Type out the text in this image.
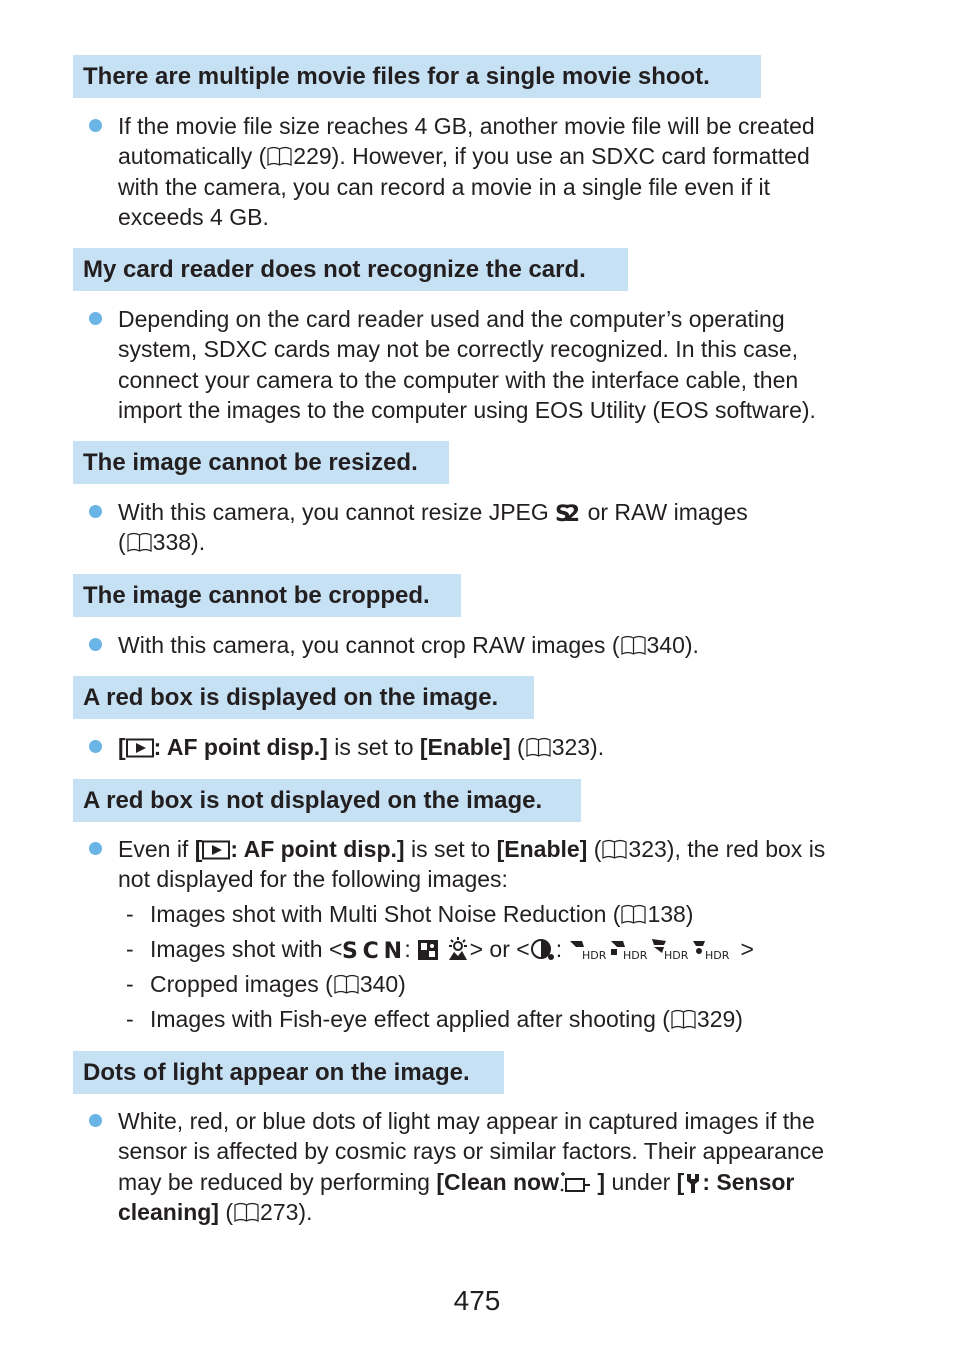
There are multiple movie files for a single movie shoot.
If the movie file size reaches 4 GB, another movie file will be created
automatically ( 229). However, if you use an SDXC card formatted
with the camera, you can record a movie in a single file even if it
exceeds 4 GB.
My card reader does not recognize the card.
Depending on the card reader used and the computer’s operating
system, SDXC cards may not be correctly recognized. In this case,
connect your camera to the computer with the interface cable, then
import the images to the computer using EOS Utility (EOS software).
The image cannot be resized.
With this camera, you cannot resize JPEG S2 or RAW images
( 338).
The image cannot be cropped.
With this camera, you cannot crop RAW images ( 340).
A red box is displayed on the image.
[ : AF point disp.] is set to [Enable] ( 323).
A red box is not displayed on the image.
Even if [ : AF point disp.] is set to [Enable] ( 323), the red box is
not displayed for the following images:
- Images shot with Multi Shot Noise Reduction ( 138)
- Images shot with < SCN :  > or < : HDR HDR HDR HDR >
- Cropped images ( 340)
- Images with Fish-eye effect applied after shooting ( 329)
Dots of light appear on the image.
White, red, or blue dots of light may appear in captured images if the
sensor is affected by cosmic rays or similar factors. Their appearance
may be reduced by performing [Clean now ] under [ : Sensor
cleaning] ( 273).
475
